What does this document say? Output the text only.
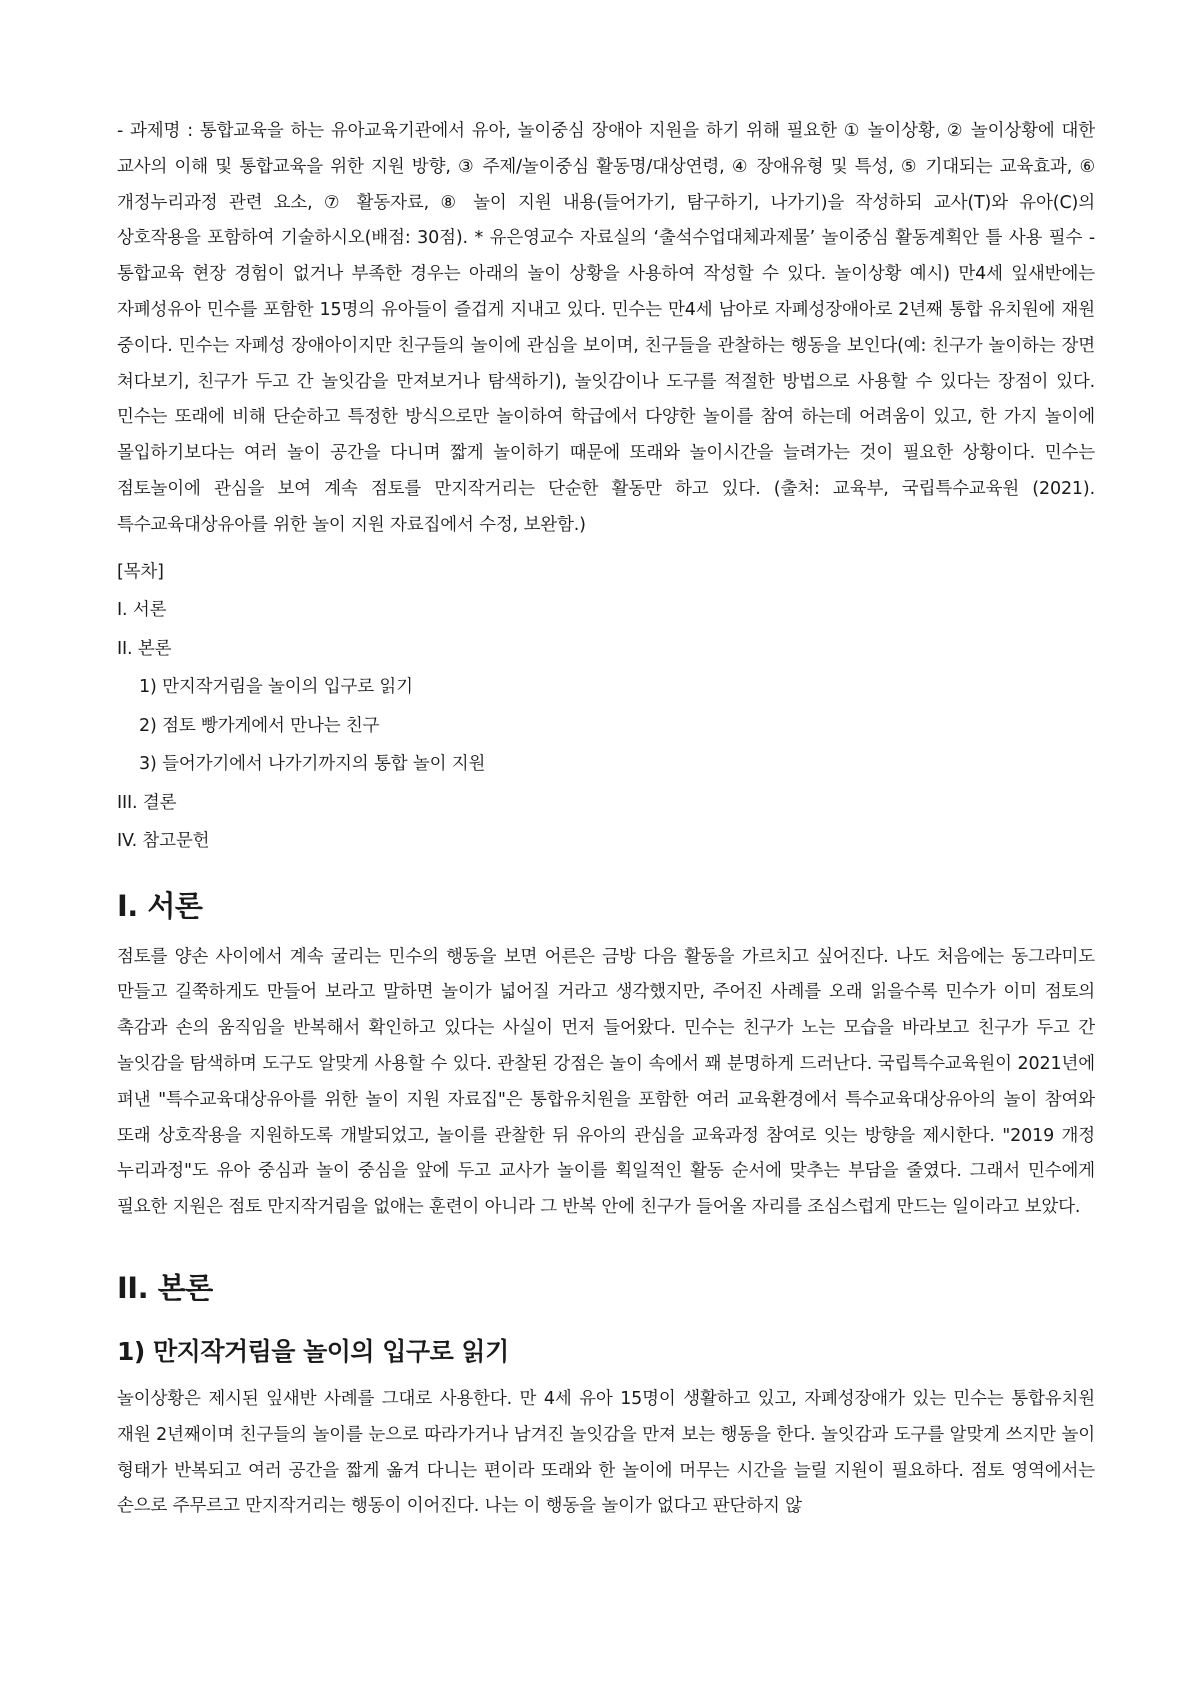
- 과제명 : 통합교육을 하는 유아교육기관에서 유아, 놀이중심 장애아 지원을 하기 위해 필요한 ① 놀이상황, ② 놀이상황에 대한 교사의 이해 및 통합교육을 위한 지원 방향, ③ 주제/놀이중심 활동명/대상연령, ④ 장애유형 및 특성, ⑤ 기대되는 교육효과, ⑥ 개정누리과정 관련 요소, ⑦ 활동자료, ⑧ 놀이 지원 내용(들어가기, 탐구하기, 나가기)을 작성하되 교사(T)와 유아(C)의 상호작용을 포함하여 기술하시오(배점: 30점). * 유은영교수 자료실의 ‘출석수업대체과제물’ 놀이중심 활동계획안 틀 사용 필수 - 통합교육 현장 경험이 없거나 부족한 경우는 아래의 놀이 상황을 사용하여 작성할 수 있다. 놀이상황 예시) 만4세 잎새반에는 자폐성유아 민수를 포함한 15명의 유아들이 즐겁게 지내고 있다. 민수는 만4세 남아로 자폐성장애아로 2년째 통합 유치원에 재원 중이다. 민수는 자폐성 장애아이지만 친구들의 놀이에 관심을 보이며, 친구들을 관찰하는 행동을 보인다(예: 친구가 놀이하는 장면 쳐다보기, 친구가 두고 간 놀잇감을 만져보거나 탐색하기), 놀잇감이나 도구를 적절한 방법으로 사용할 수 있다는 장점이 있다. 민수는 또래에 비해 단순하고 특정한 방식으로만 놀이하여 학급에서 다양한 놀이를 참여 하는데 어려움이 있고, 한 가지 놀이에 몰입하기보다는 여러 놀이 공간을 다니며 짧게 놀이하기 때문에 또래와 놀이시간을 늘려가는 것이 필요한 상황이다. 민수는 점토놀이에 관심을 보여 계속 점토를 만지작거리는 단순한 활동만 하고 있다. (출처: 교육부, 국립특수교육원 (2021). 특수교육대상유아를 위한 놀이 지원 자료집에서 수정, 보완함.)

[목차]
I. 서론
II. 본론
1) 만지작거림을 놀이의 입구로 읽기
2) 점토 빵가게에서 만나는 친구
3) 들어가기에서 나가기까지의 통합 놀이 지원
III. 결론
IV. 참고문헌
I. 서론

점토를 양손 사이에서 계속 굴리는 민수의 행동을 보면 어른은 금방 다음 활동을 가르치고 싶어진다. 나도 처음에는 동그라미도 만들고 길쭉하게도 만들어 보라고 말하면 놀이가 넓어질 거라고 생각했지만, 주어진 사례를 오래 읽을수록 민수가 이미 점토의 촉감과 손의 움직임을 반복해서 확인하고 있다는 사실이 먼저 들어왔다. 민수는 친구가 노는 모습을 바라보고 친구가 두고 간 놀잇감을 탐색하며 도구도 알맞게 사용할 수 있다. 관찰된 강점은 놀이 속에서 꽤 분명하게 드러난다. 국립특수교육원이 2021년에 펴낸 "특수교육대상유아를 위한 놀이 지원 자료집"은 통합유치원을 포함한 여러 교육환경에서 특수교육대상유아의 놀이 참여와 또래 상호작용을 지원하도록 개발되었고, 놀이를 관찰한 뒤 유아의 관심을 교육과정 참여로 잇는 방향을 제시한다. "2019 개정 누리과정"도 유아 중심과 놀이 중심을 앞에 두고 교사가 놀이를 획일적인 활동 순서에 맞추는 부담을 줄였다. 그래서 민수에게 필요한 지원은 점토 만지작거림을 없애는 훈련이 아니라 그 반복 안에 친구가 들어올 자리를 조심스럽게 만드는 일이라고 보았다.

II. 본론
1) 만지작거림을 놀이의 입구로 읽기

놀이상황은 제시된 잎새반 사례를 그대로 사용한다. 만 4세 유아 15명이 생활하고 있고, 자폐성장애가 있는 민수는 통합유치원 재원 2년째이며 친구들의 놀이를 눈으로 따라가거나 남겨진 놀잇감을 만져 보는 행동을 한다. 놀잇감과 도구를 알맞게 쓰지만 놀이 형태가 반복되고 여러 공간을 짧게 옮겨 다니는 편이라 또래와 한 놀이에 머무는 시간을 늘릴 지원이 필요하다. 점토 영역에서는 손으로 주무르고 만지작거리는 행동이 이어진다. 나는 이 행동을 놀이가 없다고 판단하지 않
